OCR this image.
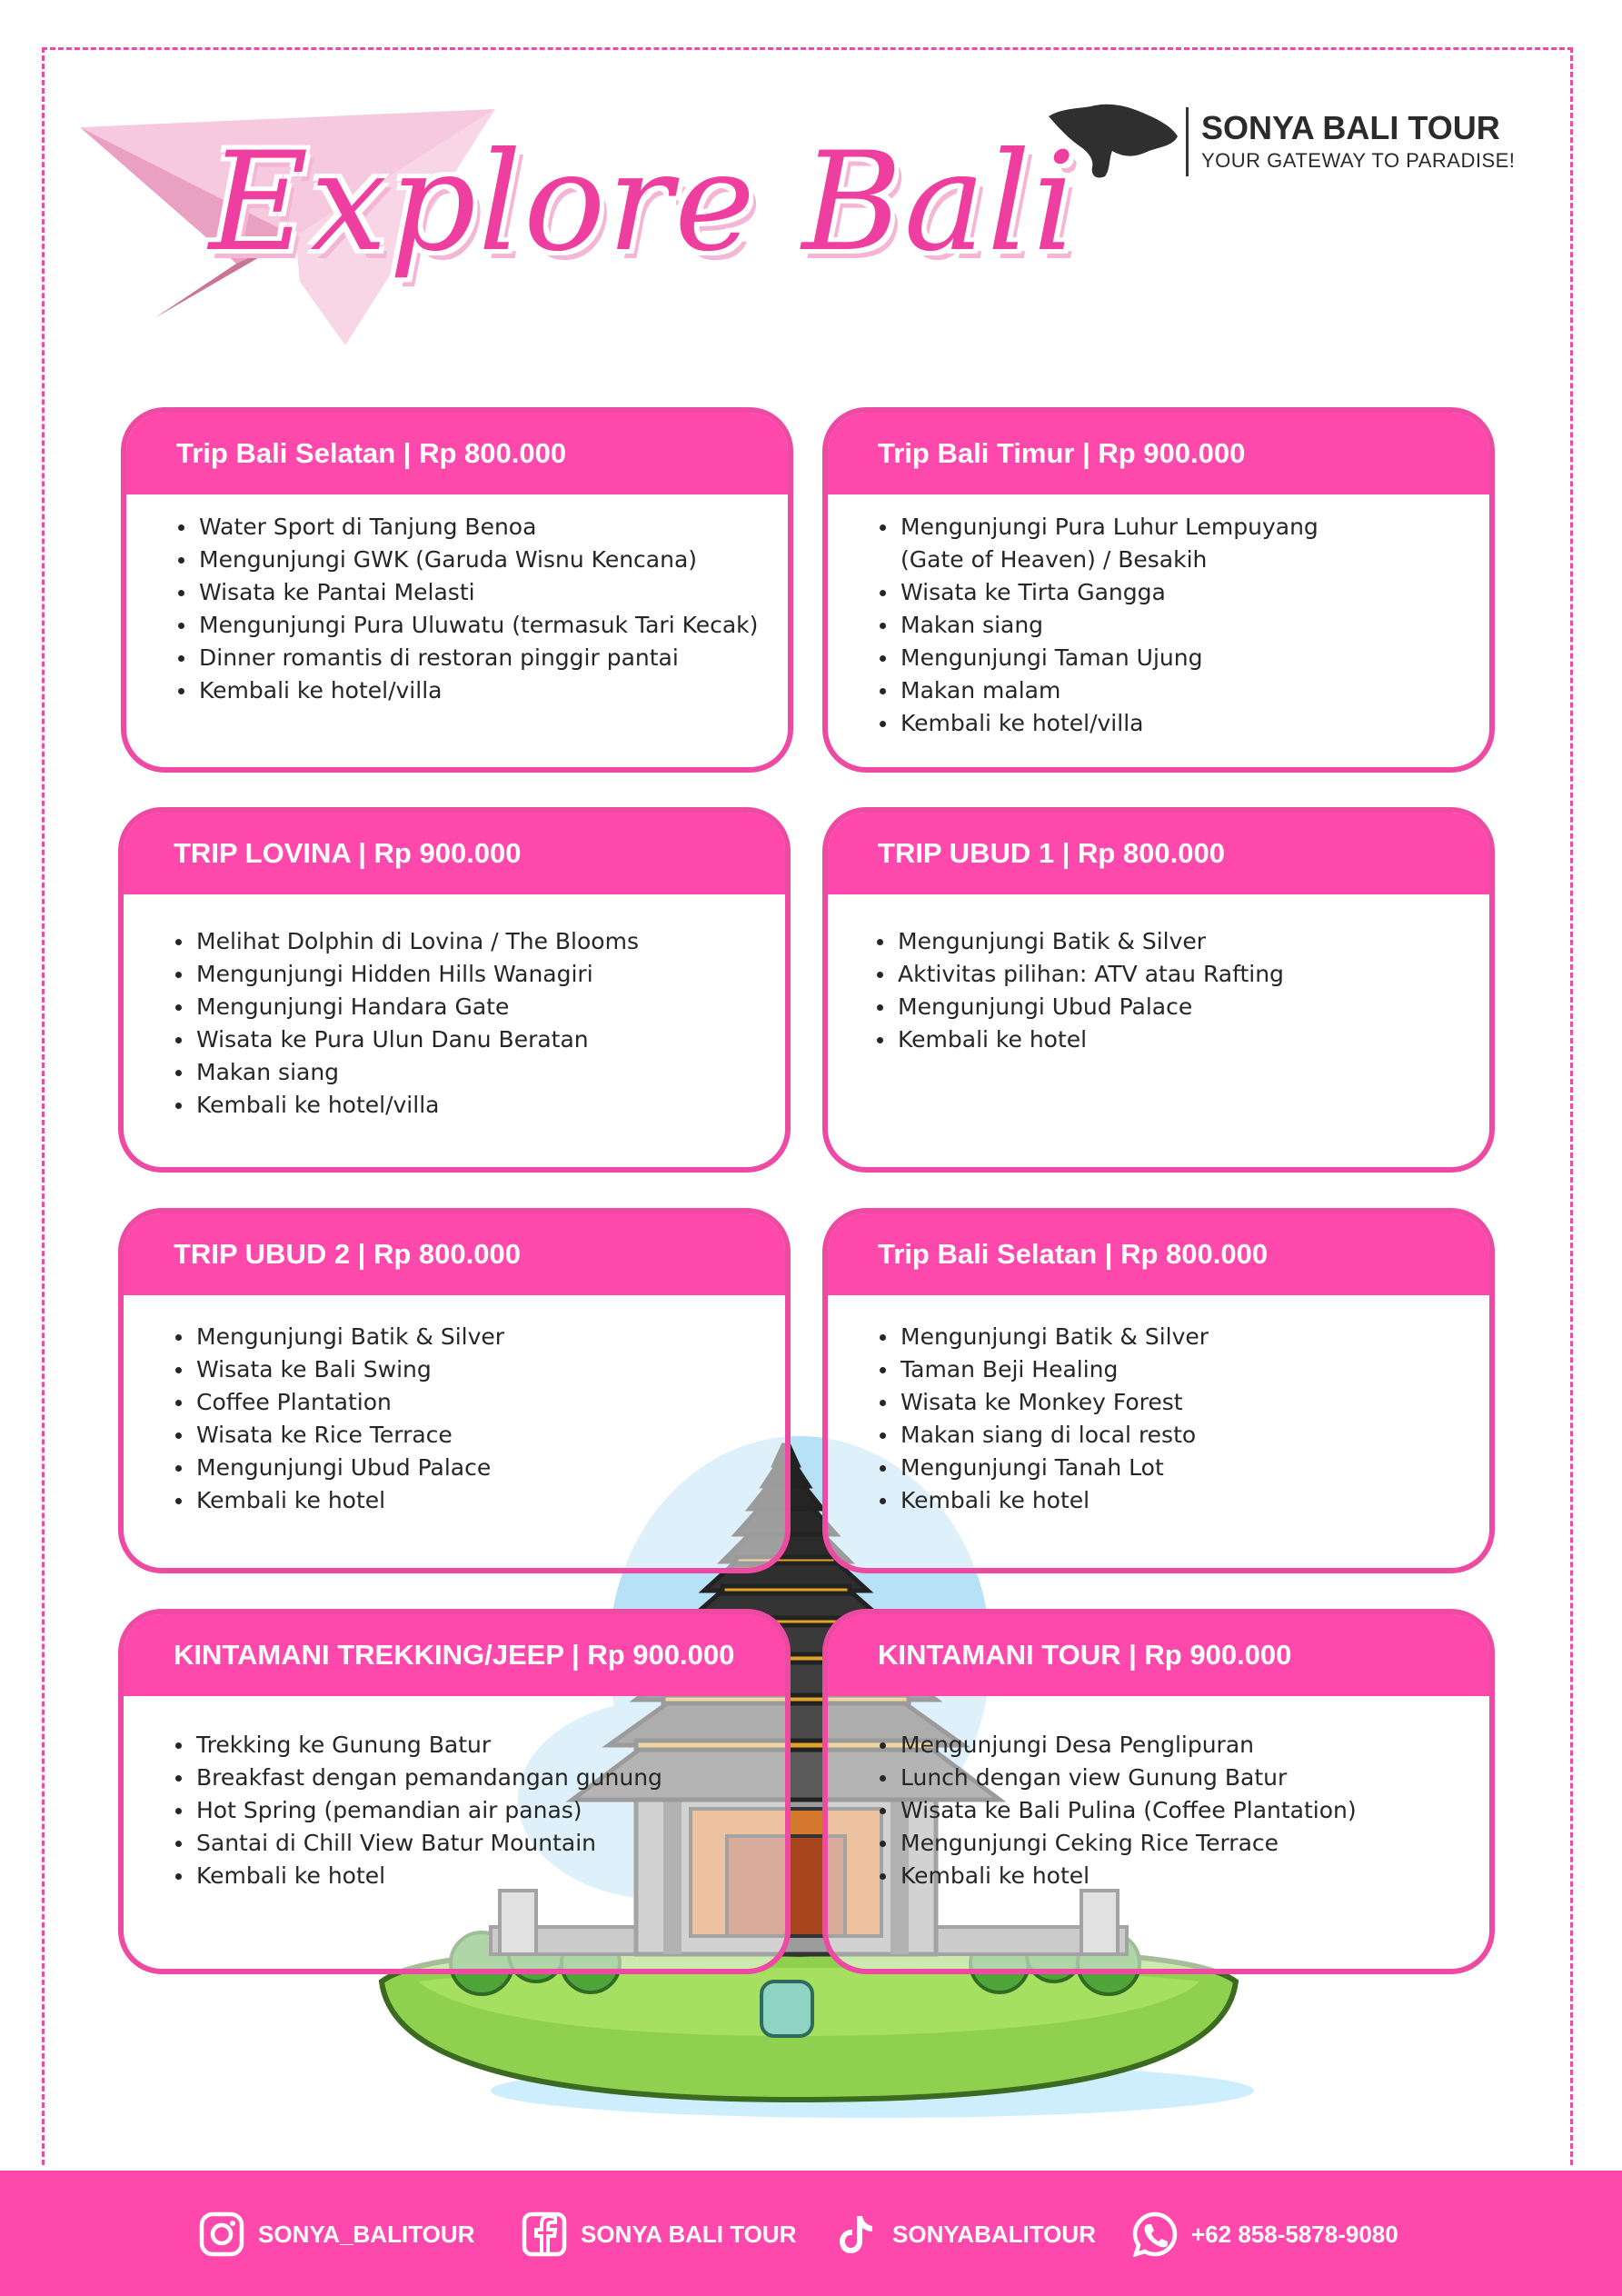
Explore Bali	SONYA BALI TOUR
YOUR GATEWAY TO PARADISE!
Trip Bali Selatan | Rp 800.000
Water Sport di Tanjung Benoa
Mengunjungi GWK (Garuda Wisnu Kencana)
Wisata ke Pantai Melasti
Mengunjungi Pura Uluwatu (termasuk Tari Kecak)
Dinner romantis di restoran pinggir pantai
Kembali ke hotel/villa
Trip Bali Timur | Rp 900.000
Mengunjungi Pura Luhur Lempuyang
(Gate of Heaven) / Besakih
Wisata ke Tirta Gangga
Makan siang
Mengunjungi Taman Ujung
Makan malam
Kembali ke hotel/villa
TRIP LOVINA | Rp 900.000
Melihat Dolphin di Lovina / The Blooms
Mengunjungi Hidden Hills Wanagiri
Mengunjungi Handara Gate
Wisata ke Pura Ulun Danu Beratan
Makan siang
Kembali ke hotel/villa
TRIP UBUD 1 | Rp 800.000
Mengunjungi Batik & Silver
Aktivitas pilihan: ATV atau Rafting
Mengunjungi Ubud Palace
Kembali ke hotel
TRIP UBUD 2 | Rp 800.000
Mengunjungi Batik & Silver
Wisata ke Bali Swing
Coffee Plantation
Wisata ke Rice Terrace
Mengunjungi Ubud Palace
Kembali ke hotel
Trip Bali Selatan | Rp 800.000
Mengunjungi Batik & Silver
Taman Beji Healing
Wisata ke Monkey Forest
Makan siang di local resto
Mengunjungi Tanah Lot
Kembali ke hotel
KINTAMANI TREKKING/JEEP | Rp 900.000
Trekking ke Gunung Batur
Breakfast dengan pemandangan gunung
Hot Spring (pemandian air panas)
Santai di Chill View Batur Mountain
Kembali ke hotel
KINTAMANI TOUR | Rp 900.000
Mengunjungi Desa Penglipuran
Lunch dengan view Gunung Batur
Wisata ke Bali Pulina (Coffee Plantation)
Mengunjungi Ceking Rice Terrace
Kembali ke hotel
SONYA_BALITOUR	SONYA BALI TOUR	SONYABALITOUR	+62 858-5878-9080
